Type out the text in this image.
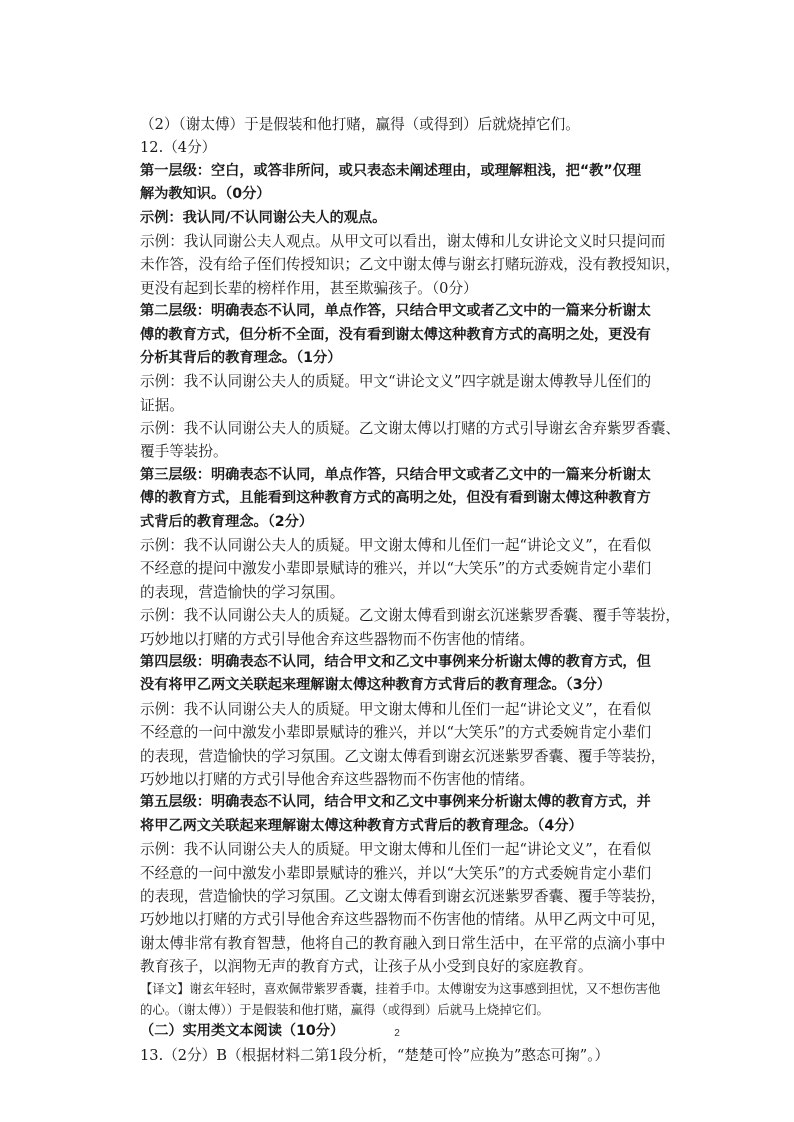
（2）（谢太傅）于是假装和他打赌，赢得（或得到）后就烧掉它们。
12.（4分）
第一层级：空白，或答非所问，或只表态未阐述理由，或理解粗浅，把“教”仅理
解为教知识。（0分）
示例：我认同/不认同谢公夫人的观点。
示例：我认同谢公夫人观点。从甲文可以看出，谢太傅和儿女讲论文义时只提问而
未作答，没有给子侄们传授知识；乙文中谢太傅与谢玄打赌玩游戏，没有教授知识，
更没有起到长辈的榜样作用，甚至欺骗孩子。（0分）
第二层级：明确表态不认同，单点作答，只结合甲文或者乙文中的一篇来分析谢太
傅的教育方式，但分析不全面，没有看到谢太傅这种教育方式的高明之处，更没有
分析其背后的教育理念。（1分）
示例：我不认同谢公夫人的质疑。甲文“讲论文义”四字就是谢太傅教导儿侄们的
证据。
示例：我不认同谢公夫人的质疑。乙文谢太傅以打赌的方式引导谢玄舍弃紫罗香囊、
覆手等装扮。
第三层级：明确表态不认同，单点作答，只结合甲文或者乙文中的一篇来分析谢太
傅的教育方式，且能看到这种教育方式的高明之处，但没有看到谢太傅这种教育方
式背后的教育理念。（2分）
示例：我不认同谢公夫人的质疑。甲文谢太傅和儿侄们一起“讲论文义”，在看似
不经意的提问中激发小辈即景赋诗的雅兴，并以“大笑乐”的方式委婉肯定小辈们
的表现，营造愉快的学习氛围。
示例：我不认同谢公夫人的质疑。乙文谢太傅看到谢玄沉迷紫罗香囊、覆手等装扮，
巧妙地以打赌的方式引导他舍弃这些器物而不伤害他的情绪。
第四层级：明确表态不认同，结合甲文和乙文中事例来分析谢太傅的教育方式，但
没有将甲乙两文关联起来理解谢太傅这种教育方式背后的教育理念。（3分）
示例：我不认同谢公夫人的质疑。甲文谢太傅和儿侄们一起“讲论文义”，在看似
不经意的一问中激发小辈即景赋诗的雅兴，并以“大笑乐”的方式委婉肯定小辈们
的表现，营造愉快的学习氛围。乙文谢太傅看到谢玄沉迷紫罗香囊、覆手等装扮，
巧妙地以打赌的方式引导他舍弃这些器物而不伤害他的情绪。
第五层级：明确表态不认同，结合甲文和乙文中事例来分析谢太傅的教育方式，并
将甲乙两文关联起来理解谢太傅这种教育方式背后的教育理念。（4分）
示例：我不认同谢公夫人的质疑。甲文谢太傅和儿侄们一起“讲论文义”，在看似
不经意的一问中激发小辈即景赋诗的雅兴，并以“大笑乐”的方式委婉肯定小辈们
的表现，营造愉快的学习氛围。乙文谢太傅看到谢玄沉迷紫罗香囊、覆手等装扮，
巧妙地以打赌的方式引导他舍弃这些器物而不伤害他的情绪。从甲乙两文中可见，
谢太傅非常有教育智慧，他将自己的教育融入到日常生活中，在平常的点滴小事中
教育孩子，以润物无声的教育方式，让孩子从小受到良好的家庭教育。
【译文】谢玄年轻时，喜欢佩带紫罗香囊，挂着手巾。太傅谢安为这事感到担忧，又不想伤害他
的心。（谢太傅））于是假装和他打赌，赢得（或得到）后就马上烧掉它们。
（二）实用类文本阅读（10分）
13.（2分）B（根据材料二第1段分析，“楚楚可怜”应换为”憨态可掬”。）
2
